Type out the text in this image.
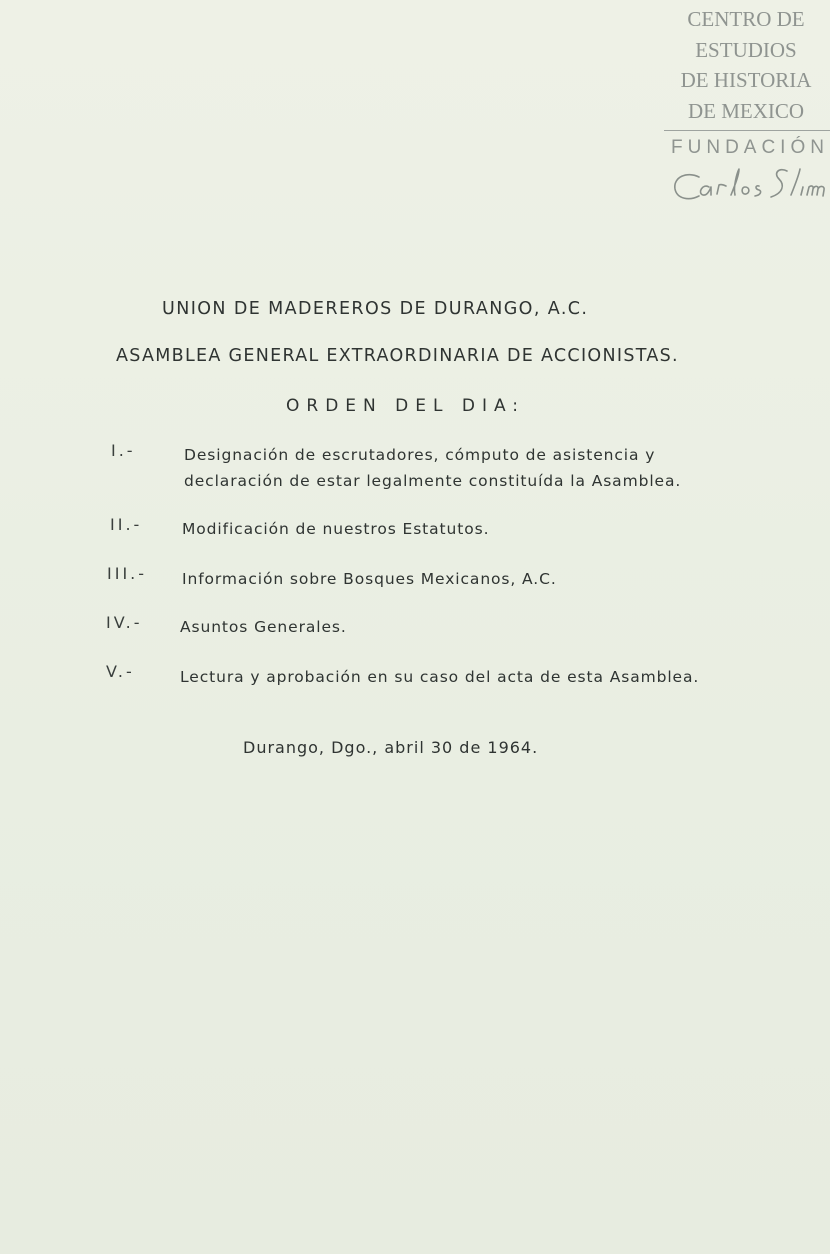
CENTRO DE
ESTUDIOS
DE HISTORIA
DE MEXICO
FUNDACIÓN
UNION DE MADEREROS DE DURANGO, A.C.
ASAMBLEA GENERAL EXTRAORDINARIA DE ACCIONISTAS.
ORDEN DEL DIA:
I.-	Designación de escrutadores, cómputo de asistencia y
declaración de estar legalmente constituída la Asamblea.
II.-	Modificación de nuestros Estatutos.
III.- Información sobre Bosques Mexicanos, A.C.
IV.- Asuntos Generales.
V.-	Lectura y aprobación en su caso del acta de esta Asamblea.
Durango, Dgo., abril 30 de 1964.
